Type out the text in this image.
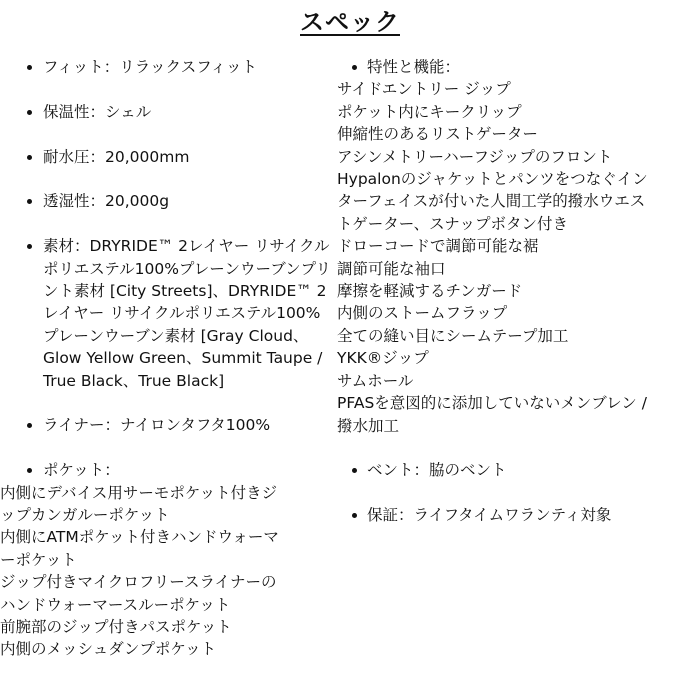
スペック
フィット：リラックスフィット
保温性：シェル
耐水圧：20,000mm
透湿性：20,000g
素材：DRYRIDE™ 2レイヤー リサイクルポリエステル100%プレーンウーブンプリント素材 [City Streets]、DRYRIDE™ 2レイヤー リサイクルポリエステル100%プレーンウーブン素材 [Gray Cloud、Glow Yellow Green、Summit Taupe / True Black、True Black]
ライナー：ナイロンタフタ100%
ポケット：
内側にデバイス用サーモポケット付きジ
ップカンガルーポケット
内側にATMポケット付きハンドウォーマ
ーポケット
ジップ付きマイクロフリースライナーの
ハンドウォーマースルーポケット
前腕部のジップ付きパスポケット
内側のメッシュダンプポケット
特性と機能：
サイドエントリー ジップ
ポケット内にキークリップ
伸縮性のあるリストゲーター
アシンメトリーハーフジップのフロント
Hypalonのジャケットとパンツをつなぐイン
ターフェイスが付いた人間工学的撥水ウエス
トゲーター、スナップボタン付き
ドローコードで調節可能な裾
調節可能な袖口
摩擦を軽減するチンガード
内側のストームフラップ
全ての縫い目にシームテープ加工
YKK®ジップ
サムホール
PFASを意図的に添加していないメンブレン /
撥水加工
ベント：脇のベント
保証：ライフタイムワランティ対象
